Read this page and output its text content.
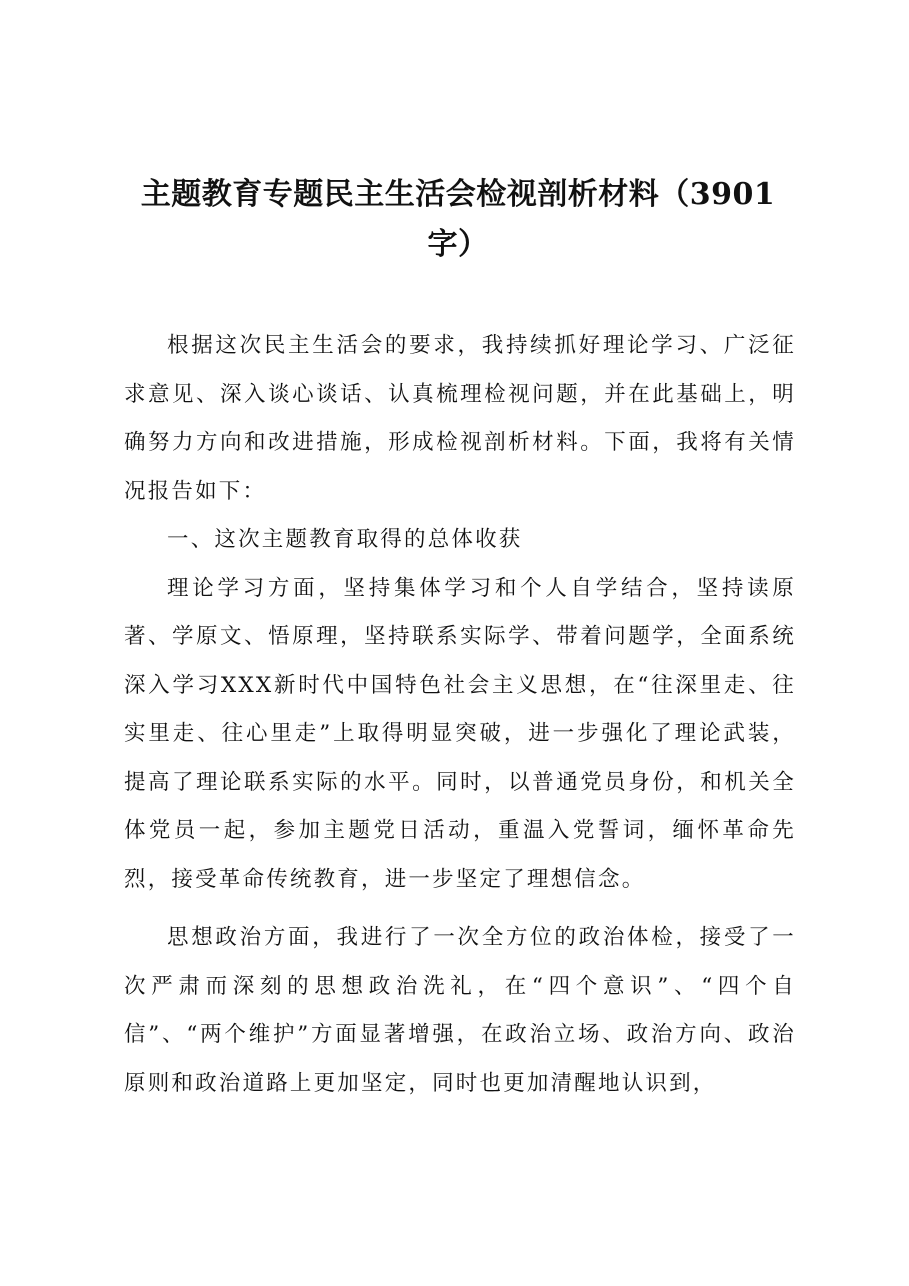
主题教育专题民主生活会检视剖析材料（3901字）

根据这次民主生活会的要求，我持续抓好理论学习、广泛征求意见、深入谈心谈话、认真梳理检视问题，并在此基础上，明确努力方向和改进措施，形成检视剖析材料。下面，我将有关情况报告如下：

一、这次主题教育取得的总体收获

理论学习方面，坚持集体学习和个人自学结合，坚持读原著、学原文、悟原理，坚持联系实际学、带着问题学，全面系统深入学习XXX新时代中国特色社会主义思想，在“往深里走、往实里走、往心里走”上取得明显突破，进一步强化了理论武装，提高了理论联系实际的水平。同时，以普通党员身份，和机关全体党员一起，参加主题党日活动，重温入党誓词，缅怀革命先烈，接受革命传统教育，进一步坚定了理想信念。

思想政治方面，我进行了一次全方位的政治体检，接受了一次严肃而深刻的思想政治洗礼，在“四个意识”、“四个自信”、“两个维护”方面显著增强，在政治立场、政治方向、政治原则和政治道路上更加坚定，同时也更加清醒地认识到，
